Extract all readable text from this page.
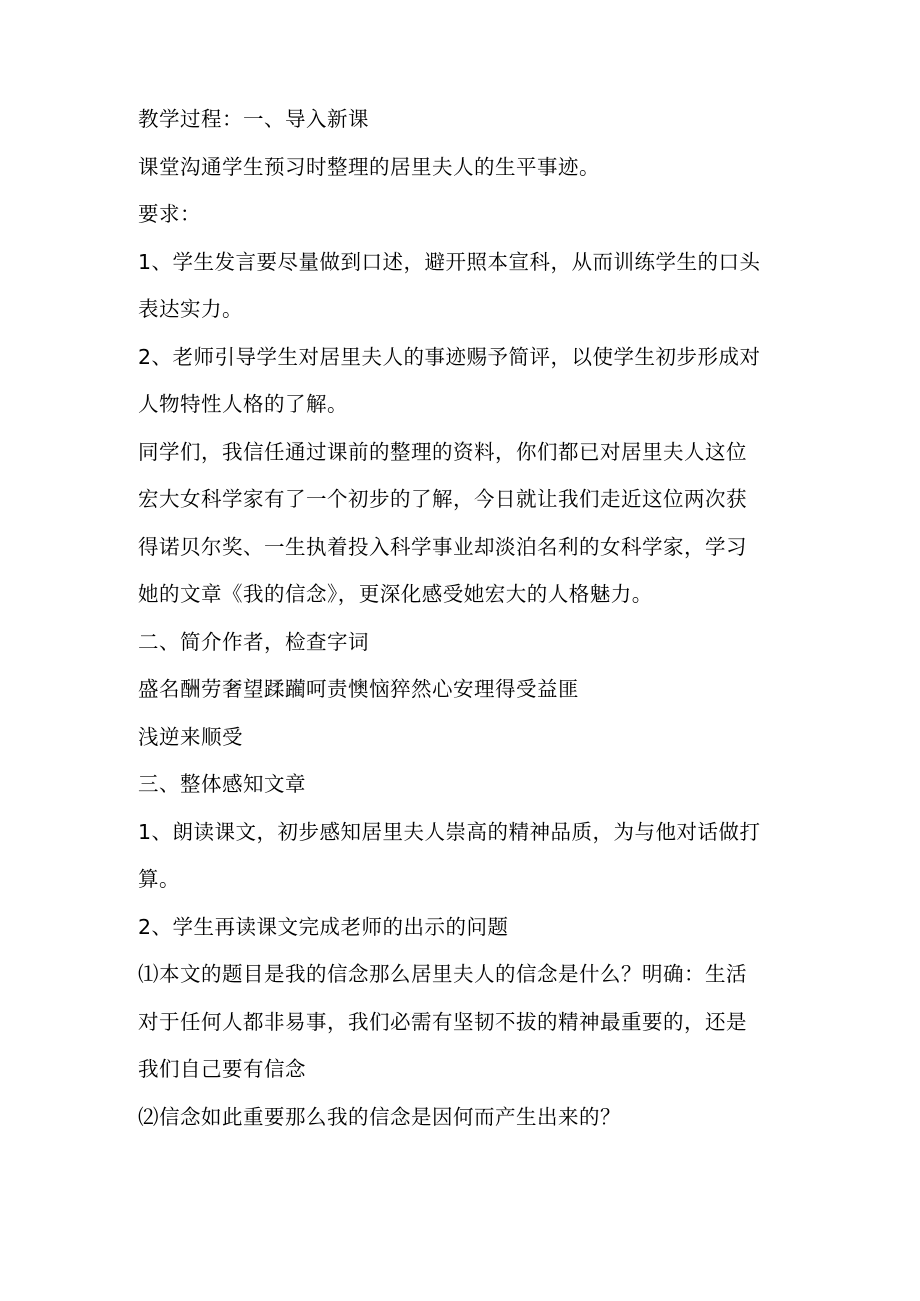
教学过程：一、导入新课
课堂沟通学生预习时整理的居里夫人的生平事迹。
要求：
1、学生发言要尽量做到口述，避开照本宣科，从而训练学生的口头
表达实力。
2、老师引导学生对居里夫人的事迹赐予简评，以使学生初步形成对
人物特性人格的了解。
同学们，我信任通过课前的整理的资料，你们都已对居里夫人这位
宏大女科学家有了一个初步的了解，今日就让我们走近这位两次获
得诺贝尔奖、一生执着投入科学事业却淡泊名利的女科学家，学习
她的文章《我的信念》，更深化感受她宏大的人格魅力。
二、简介作者，检查字词
盛名酬劳奢望蹂躏呵责懊恼猝然心安理得受益匪
浅逆来顺受
三、整体感知文章
1、朗读课文，初步感知居里夫人崇高的精神品质，为与他对话做打
算。
2、学生再读课文完成老师的出示的问题
⑴本文的题目是我的信念那么居里夫人的信念是什么？明确：生活
对于任何人都非易事，我们必需有坚韧不拔的精神最重要的，还是
我们自己要有信念
⑵信念如此重要那么我的信念是因何而产生出来的？
